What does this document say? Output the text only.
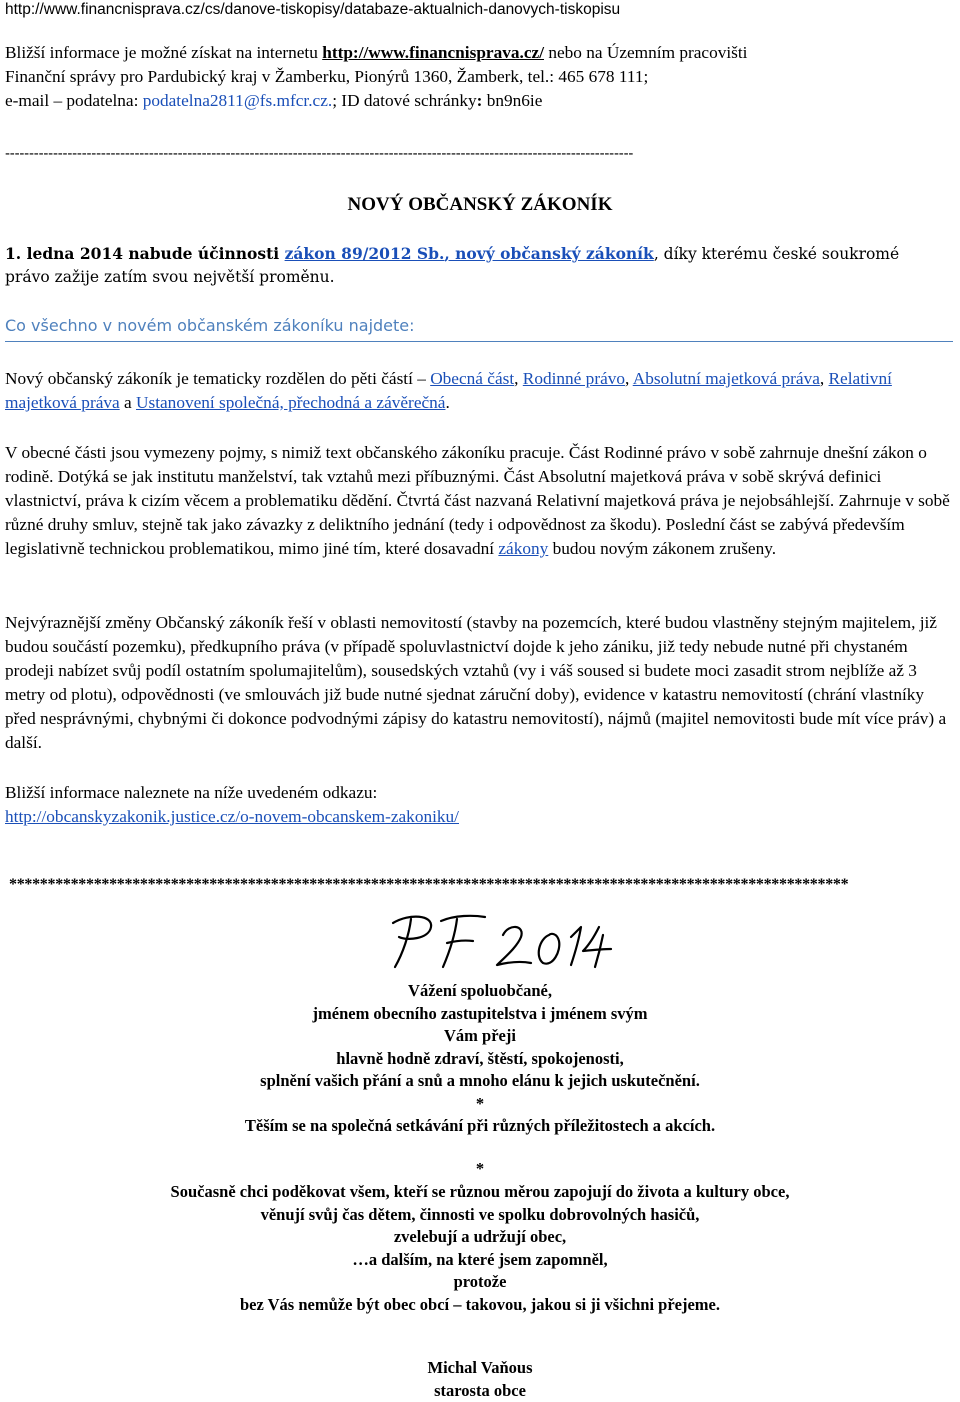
http://www.financnisprava.cz/cs/danove-tiskopisy/databaze-aktualnich-danovych-tiskopisu
Bližší informace je možné získat na internetu http://www.financnisprava.cz/ nebo na Územním pracovišti
Finanční správy pro Pardubický kraj v Žamberku, Pionýrů 1360, Žamberk, tel.: 465 678 111;
e-mail – podatelna: podatelna2811@fs.mfcr.cz.; ID datové schránky: bn9n6ie
-----------------------------------------------------------------------------------------------------------------------------------
NOVÝ OBČANSKÝ ZÁKONÍK
1. ledna 2014 nabude účinnosti zákon 89/2012 Sb., nový občanský zákoník, díky kterému české soukromé
právo zažije zatím svou největší proměnu.
Co všechno v novém občanském zákoníku najdete:
Nový občanský zákoník je tematicky rozdělen do pěti částí – Obecná část, Rodinné právo, Absolutní majetková práva, Relativní majetková práva a Ustanovení společná, přechodná a závěrečná.
V obecné části jsou vymezeny pojmy, s nimiž text občanského zákoníku pracuje. Část Rodinné právo v sobě zahrnuje dnešní zákon o rodině. Dotýká se jak institutu manželství, tak vztahů mezi příbuznými. Část Absolutní majetková práva v sobě skrývá definici vlastnictví, práva k cizím věcem a problematiku dědění. Čtvrtá část nazvaná Relativní majetková práva je nejobsáhlejší. Zahrnuje v sobě různé druhy smluv, stejně tak jako závazky z deliktního jednání (tedy i odpovědnost za škodu). Poslední část se zabývá především legislativně technickou problematikou, mimo jiné tím, které dosavadní zákony budou novým zákonem zrušeny.
Nejvýraznější změny Občanský zákoník řeší v oblasti nemovitostí (stavby na pozemcích, které budou vlastněny stejným majitelem, již budou součástí pozemku), předkupního práva (v případě spoluvlastnictví dojde k jeho zániku, již tedy nebude nutné při chystaném prodeji nabízet svůj podíl ostatním spolumajitelům), sousedských vztahů (vy i váš soused si budete moci zasadit strom nejblíže až 3 metry od plotu), odpovědnosti (ve smlouvách již bude nutné sjednat záruční doby), evidence v katastru nemovitostí (chrání vlastníky před nesprávnými, chybnými či dokonce podvodnými zápisy do katastru nemovitostí), nájmů (majitel nemovitosti bude mít více práv) a další.
Bližší informace naleznete na níže uvedeném odkazu:
http://obcanskyzakonik.justice.cz/o-novem-obcanskem-zakoniku/
*************************************************************************************************************
Vážení spoluobčané,
jménem obecního zastupitelstva i jménem svým
Vám přeji
hlavně hodně zdraví, štěstí, spokojenosti,
splnění vašich přání a snů a mnoho elánu k jejich uskutečnění.
*
Těším se na společná setkávání při různých příležitostech a akcích.
*
Současně chci poděkovat všem, kteří se různou měrou zapojují do života a kultury obce,
věnují svůj čas dětem, činnosti ve spolku dobrovolných hasičů,
zvelebují a udržují obec,
…a dalším, na které jsem zapomněl,
protože
bez Vás nemůže být obec obcí – takovou, jakou si ji všichni přejeme.
Michal Vaňous
starosta obce
